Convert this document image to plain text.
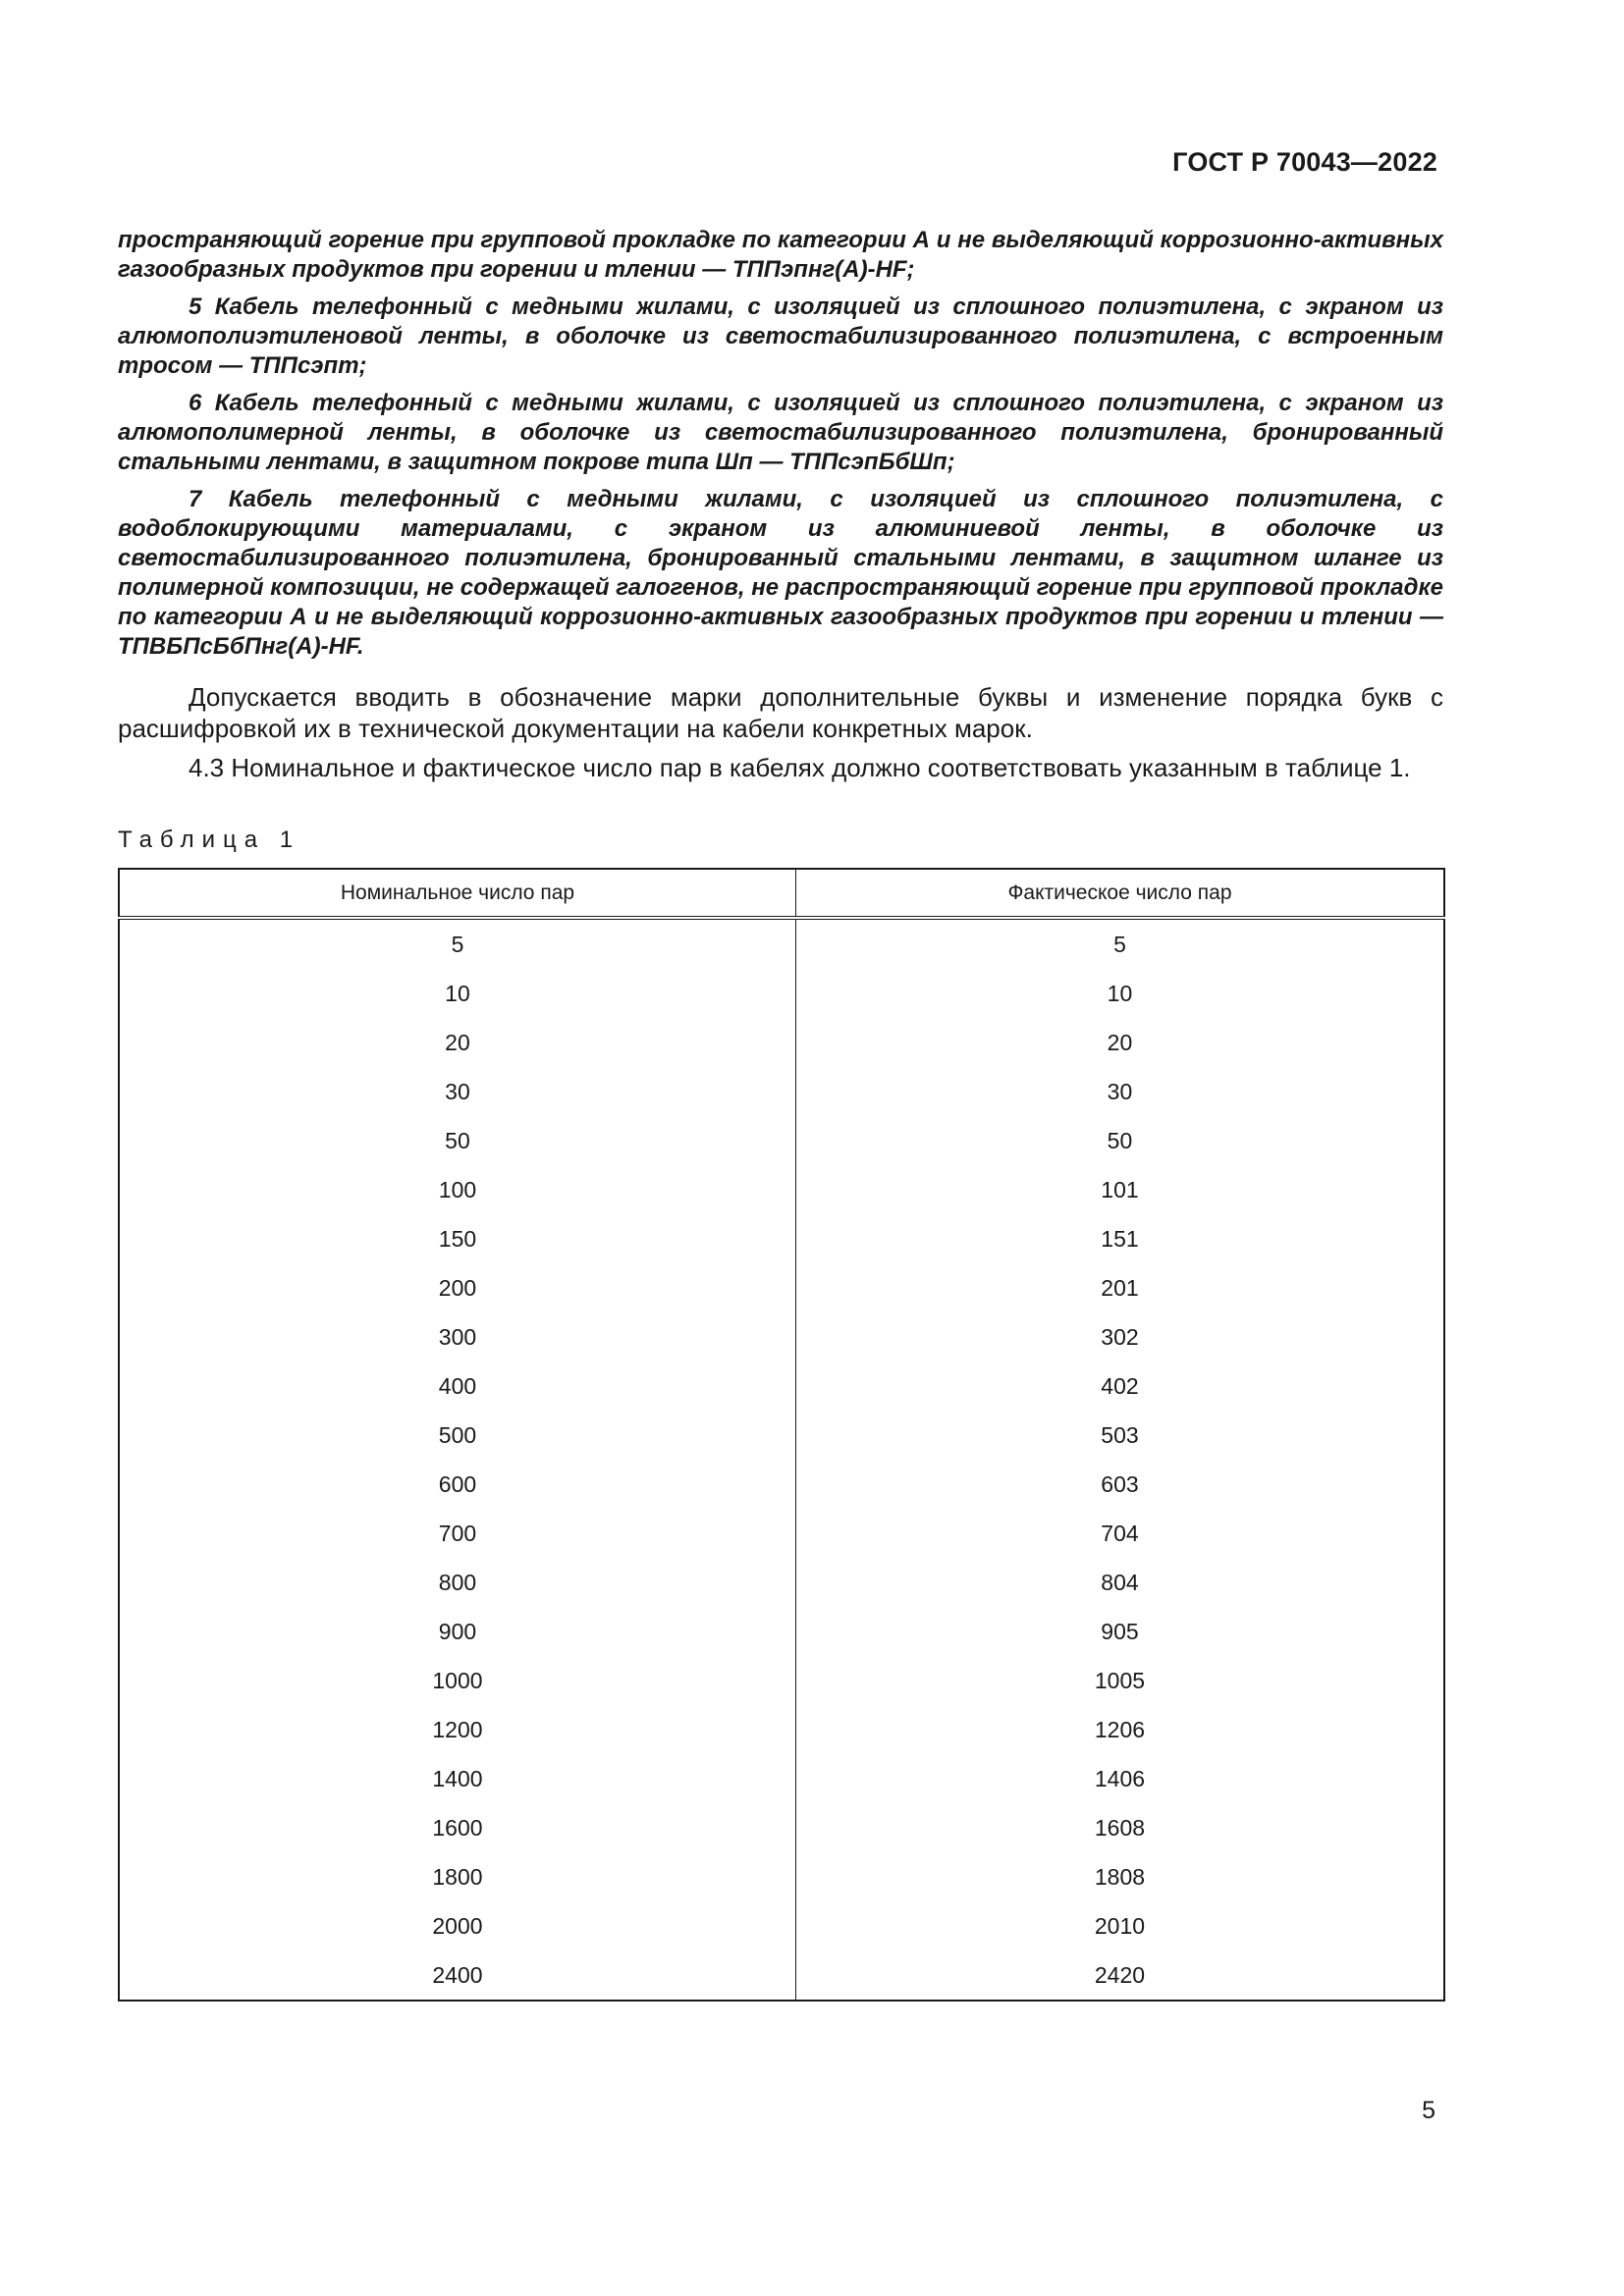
ГОСТ Р 70043—2022

пространяющий горение при групповой прокладке по категории А и не выделяющий коррозионно-активных газообразных продуктов при горении и тлении — ТППэпнг(А)-HF;

5 Кабель телефонный с медными жилами, с изоляцией из сплошного полиэтилена, с экраном из алюмополиэтиленовой ленты, в оболочке из светостабилизированного полиэтилена, с встроенным тросом — ТППсэпт;

6 Кабель телефонный с медными жилами, с изоляцией из сплошного полиэтилена, с экраном из алюмополимерной ленты, в оболочке из светостабилизированного полиэтилена, бронированный стальными лентами, в защитном покрове типа Шп — ТППсэпБбШп;

7 Кабель телефонный с медными жилами, с изоляцией из сплошного полиэтилена, с водоблокирующими материалами, с экраном из алюминиевой ленты, в оболочке из светостабилизированного полиэтилена, бронированный стальными лентами, в защитном шланге из полимерной композиции, не содержащей галогенов, не распространяющий горение при групповой прокладке по категории А и не выделяющий коррозионно-активных газообразных продуктов при горении и тлении — ТПВБПсБбПнг(А)-HF.

Допускается вводить в обозначение марки дополнительные буквы и изменение порядка букв с расшифровкой их в технической документации на кабели конкретных марок.

4.3 Номинальное и фактическое число пар в кабелях должно соответствовать указанным в таблице 1.

Таблица 1
Номинальное число пар	Фактическое число пар
5	5
10	10
20	20
30	30
50	50
100	101
150	151
200	201
300	302
400	402
500	503
600	603
700	704
800	804
900	905
1000	1005
1200	1206
1400	1406
1600	1608
1800	1808
2000	2010
2400	2420
5
